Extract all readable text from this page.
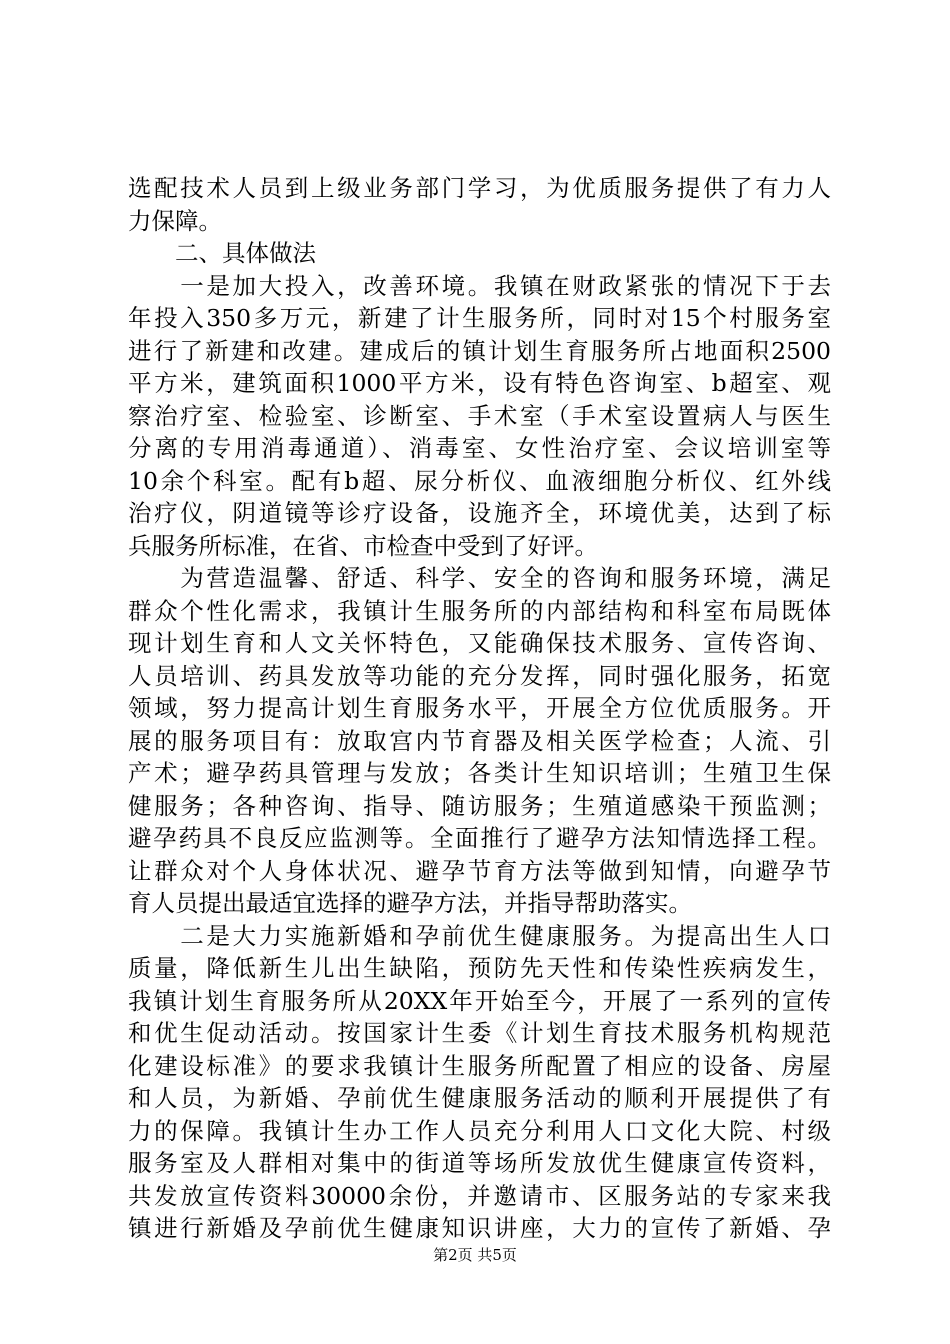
选配技术人员到上级业务部门学习，为优质服务提供了有力人
力保障。
　　二、具体做法
　　一是加大投入，改善环境。我镇在财政紧张的情况下于去
年投入350多万元，新建了计生服务所，同时对15个村服务室
进行了新建和改建。建成后的镇计划生育服务所占地面积2500
平方米，建筑面积1000平方米，设有特色咨询室、b超室、观
察治疗室、检验室、诊断室、手术室（手术室设置病人与医生
分离的专用消毒通道）、消毒室、女性治疗室、会议培训室等
10余个科室。配有b超、尿分析仪、血液细胞分析仪、红外线
治疗仪，阴道镜等诊疗设备，设施齐全，环境优美，达到了标
兵服务所标准，在省、市检查中受到了好评。
　　为营造温馨、舒适、科学、安全的咨询和服务环境，满足
群众个性化需求，我镇计生服务所的内部结构和科室布局既体
现计划生育和人文关怀特色，又能确保技术服务、宣传咨询、
人员培训、药具发放等功能的充分发挥，同时强化服务，拓宽
领域，努力提高计划生育服务水平，开展全方位优质服务。开
展的服务项目有：放取宫内节育器及相关医学检查；人流、引
产术；避孕药具管理与发放；各类计生知识培训；生殖卫生保
健服务；各种咨询、指导、随访服务；生殖道感染干预监测；
避孕药具不良反应监测等。全面推行了避孕方法知情选择工程。
让群众对个人身体状况、避孕节育方法等做到知情，向避孕节
育人员提出最适宜选择的避孕方法，并指导帮助落实。
　　二是大力实施新婚和孕前优生健康服务。为提高出生人口
质量，降低新生儿出生缺陷，预防先天性和传染性疾病发生，
我镇计划生育服务所从20XX年开始至今，开展了一系列的宣传
和优生促动活动。按国家计生委《计划生育技术服务机构规范
化建设标准》的要求我镇计生服务所配置了相应的设备、房屋
和人员，为新婚、孕前优生健康服务活动的顺利开展提供了有
力的保障。我镇计生办工作人员充分利用人口文化大院、村级
服务室及人群相对集中的街道等场所发放优生健康宣传资料，
共发放宣传资料30000余份，并邀请市、区服务站的专家来我
镇进行新婚及孕前优生健康知识讲座，大力的宣传了新婚、孕
第2页 共5页
